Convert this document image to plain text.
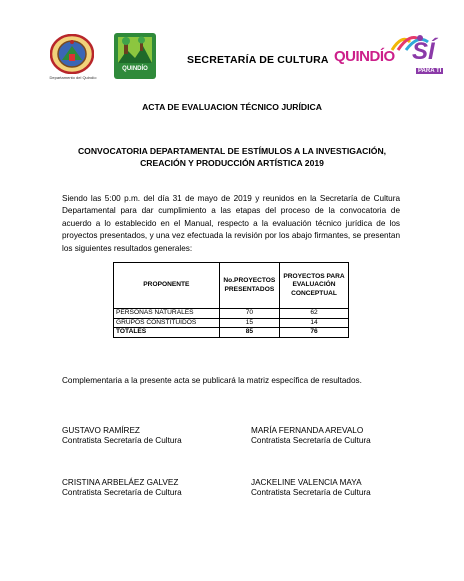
Departamento del Quindío
QUINDÍO
SECRETARÍA DE CULTURA QUINDÍO SÍ
PARA TI
ACTA DE EVALUACION TÉCNICO JURÍDICA
CONVOCATORIA DEPARTAMENTAL DE ESTÍMULOS A LA INVESTIGACIÓN,
CREACIÓN Y PRODUCCIÓN ARTÍSTICA 2019
Siendo las 5:00 p.m. del día 31 de mayo de 2019 y reunidos en la Secretaría de Cultura Departamental para dar cumplimiento a las etapas del proceso de la convocatoria de acuerdo a lo establecido en el Manual, respecto a la evaluación técnico jurídica de los proyectos presentados, y una vez efectuada la revisión por los abajo firmantes, se presentan los siguientes resultados generales:
PROPONENTE	No.PROYECTOS PRESENTADOS	PROYECTOS PARA EVALUACIÓN CONCEPTUAL
PERSONAS NATURALES	70	62
GRUPOS CONSTITUIDOS	15	14
TOTALES	85	76
Complementaria a la presente acta se publicará la matriz específica de resultados.
GUSTAVO RAMÍREZ
Contratista Secretaría de Cultura
MARÍA FERNANDA AREVALO
Contratista Secretaría de Cultura
CRISTINA ARBELÁEZ GALVEZ
Contratista Secretaría de Cultura
JACKELINE VALENCIA MAYA
Contratista Secretaría de Cultura
